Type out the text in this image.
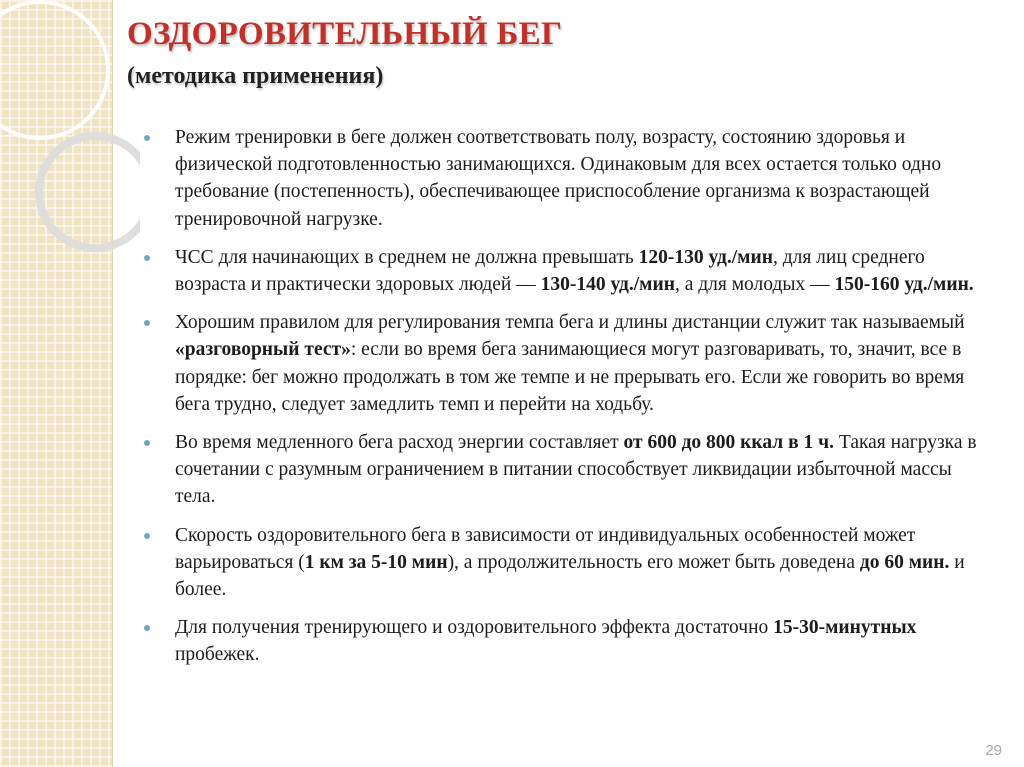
ОЗДОРОВИТЕЛЬНЫЙ БЕГ
(методика применения)
Режим тренировки в беге должен соответствовать полу, возрасту, состоянию здоровья и физической подготовленностью занимающихся. Одинаковым для всех остается только одно требование (постепенность), обеспечивающее приспособление организма к возрастающей тренировочной нагрузке.
ЧСС для начинающих в среднем не должна превышать 120-130 уд./мин, для лиц среднего возраста и практически здоровых людей — 130-140 уд./мин, а для молодых — 150-160 уд./мин.
Хорошим правилом для регулирования темпа бега и длины дистанции служит так называемый «разговорный тест»: если во время бега занимающиеся могут разговаривать, то, значит, все в порядке: бег можно продолжать в том же темпе и не прерывать его. Если же говорить во время бега трудно, следует замедлить темп и перейти на ходьбу.
Во время медленного бега расход энергии составляет от 600 до 800 ккал в 1 ч. Такая нагрузка в сочетании с разумным ограничением в питании способствует ликвидации избыточной массы тела.
Скорость оздоровительного бега в зависимости от индивидуальных особенностей может варьироваться (1 км за 5-10 мин), а продолжительность его может быть доведена до 60 мин. и более.
Для получения тренирующего и оздоровительного эффекта достаточно 15-30-минутных пробежек.
29
